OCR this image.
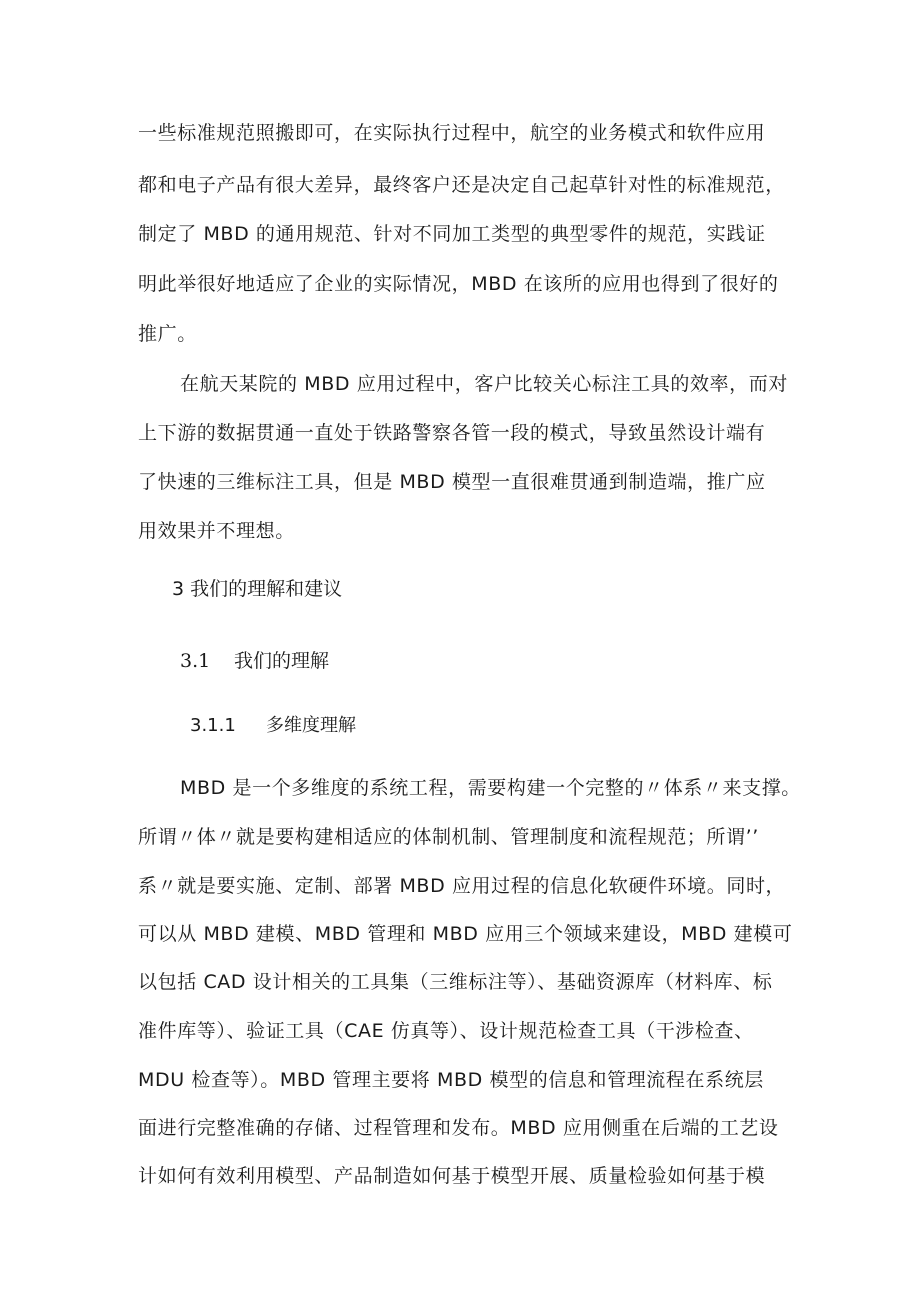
一些标准规范照搬即可，在实际执行过程中，航空的业务模式和软件应用
都和电子产品有很大差异，最终客户还是决定自己起草针对性的标准规范，
制定了 MBD 的通用规范、针对不同加工类型的典型零件的规范，实践证
明此举很好地适应了企业的实际情况，MBD 在该所的应用也得到了很好的
推广。
在航天某院的 MBD 应用过程中，客户比较关心标注工具的效率，而对
上下游的数据贯通一直处于铁路警察各管一段的模式，导致虽然设计端有
了快速的三维标注工具，但是 MBD 模型一直很难贯通到制造端，推广应
用效果并不理想。
3 我们的理解和建议
3.1 我们的理解
3.1.1 多维度理解
MBD 是一个多维度的系统工程，需要构建一个完整的〃体系〃来支撑。
所谓〃体〃就是要构建相适应的体制机制、管理制度和流程规范；所谓’’
系〃就是要实施、定制、部署 MBD 应用过程的信息化软硬件环境。同时，
可以从 MBD 建模、MBD 管理和 MBD 应用三个领域来建设，MBD 建模可
以包括 CAD 设计相关的工具集（三维标注等）、基础资源库（材料库、标
准件库等）、验证工具（CAE 仿真等）、设计规范检查工具（干涉检查、
MDU 检查等）。MBD 管理主要将 MBD 模型的信息和管理流程在系统层
面进行完整准确的存储、过程管理和发布。MBD 应用侧重在后端的工艺设
计如何有效利用模型、产品制造如何基于模型开展、质量检验如何基于模
